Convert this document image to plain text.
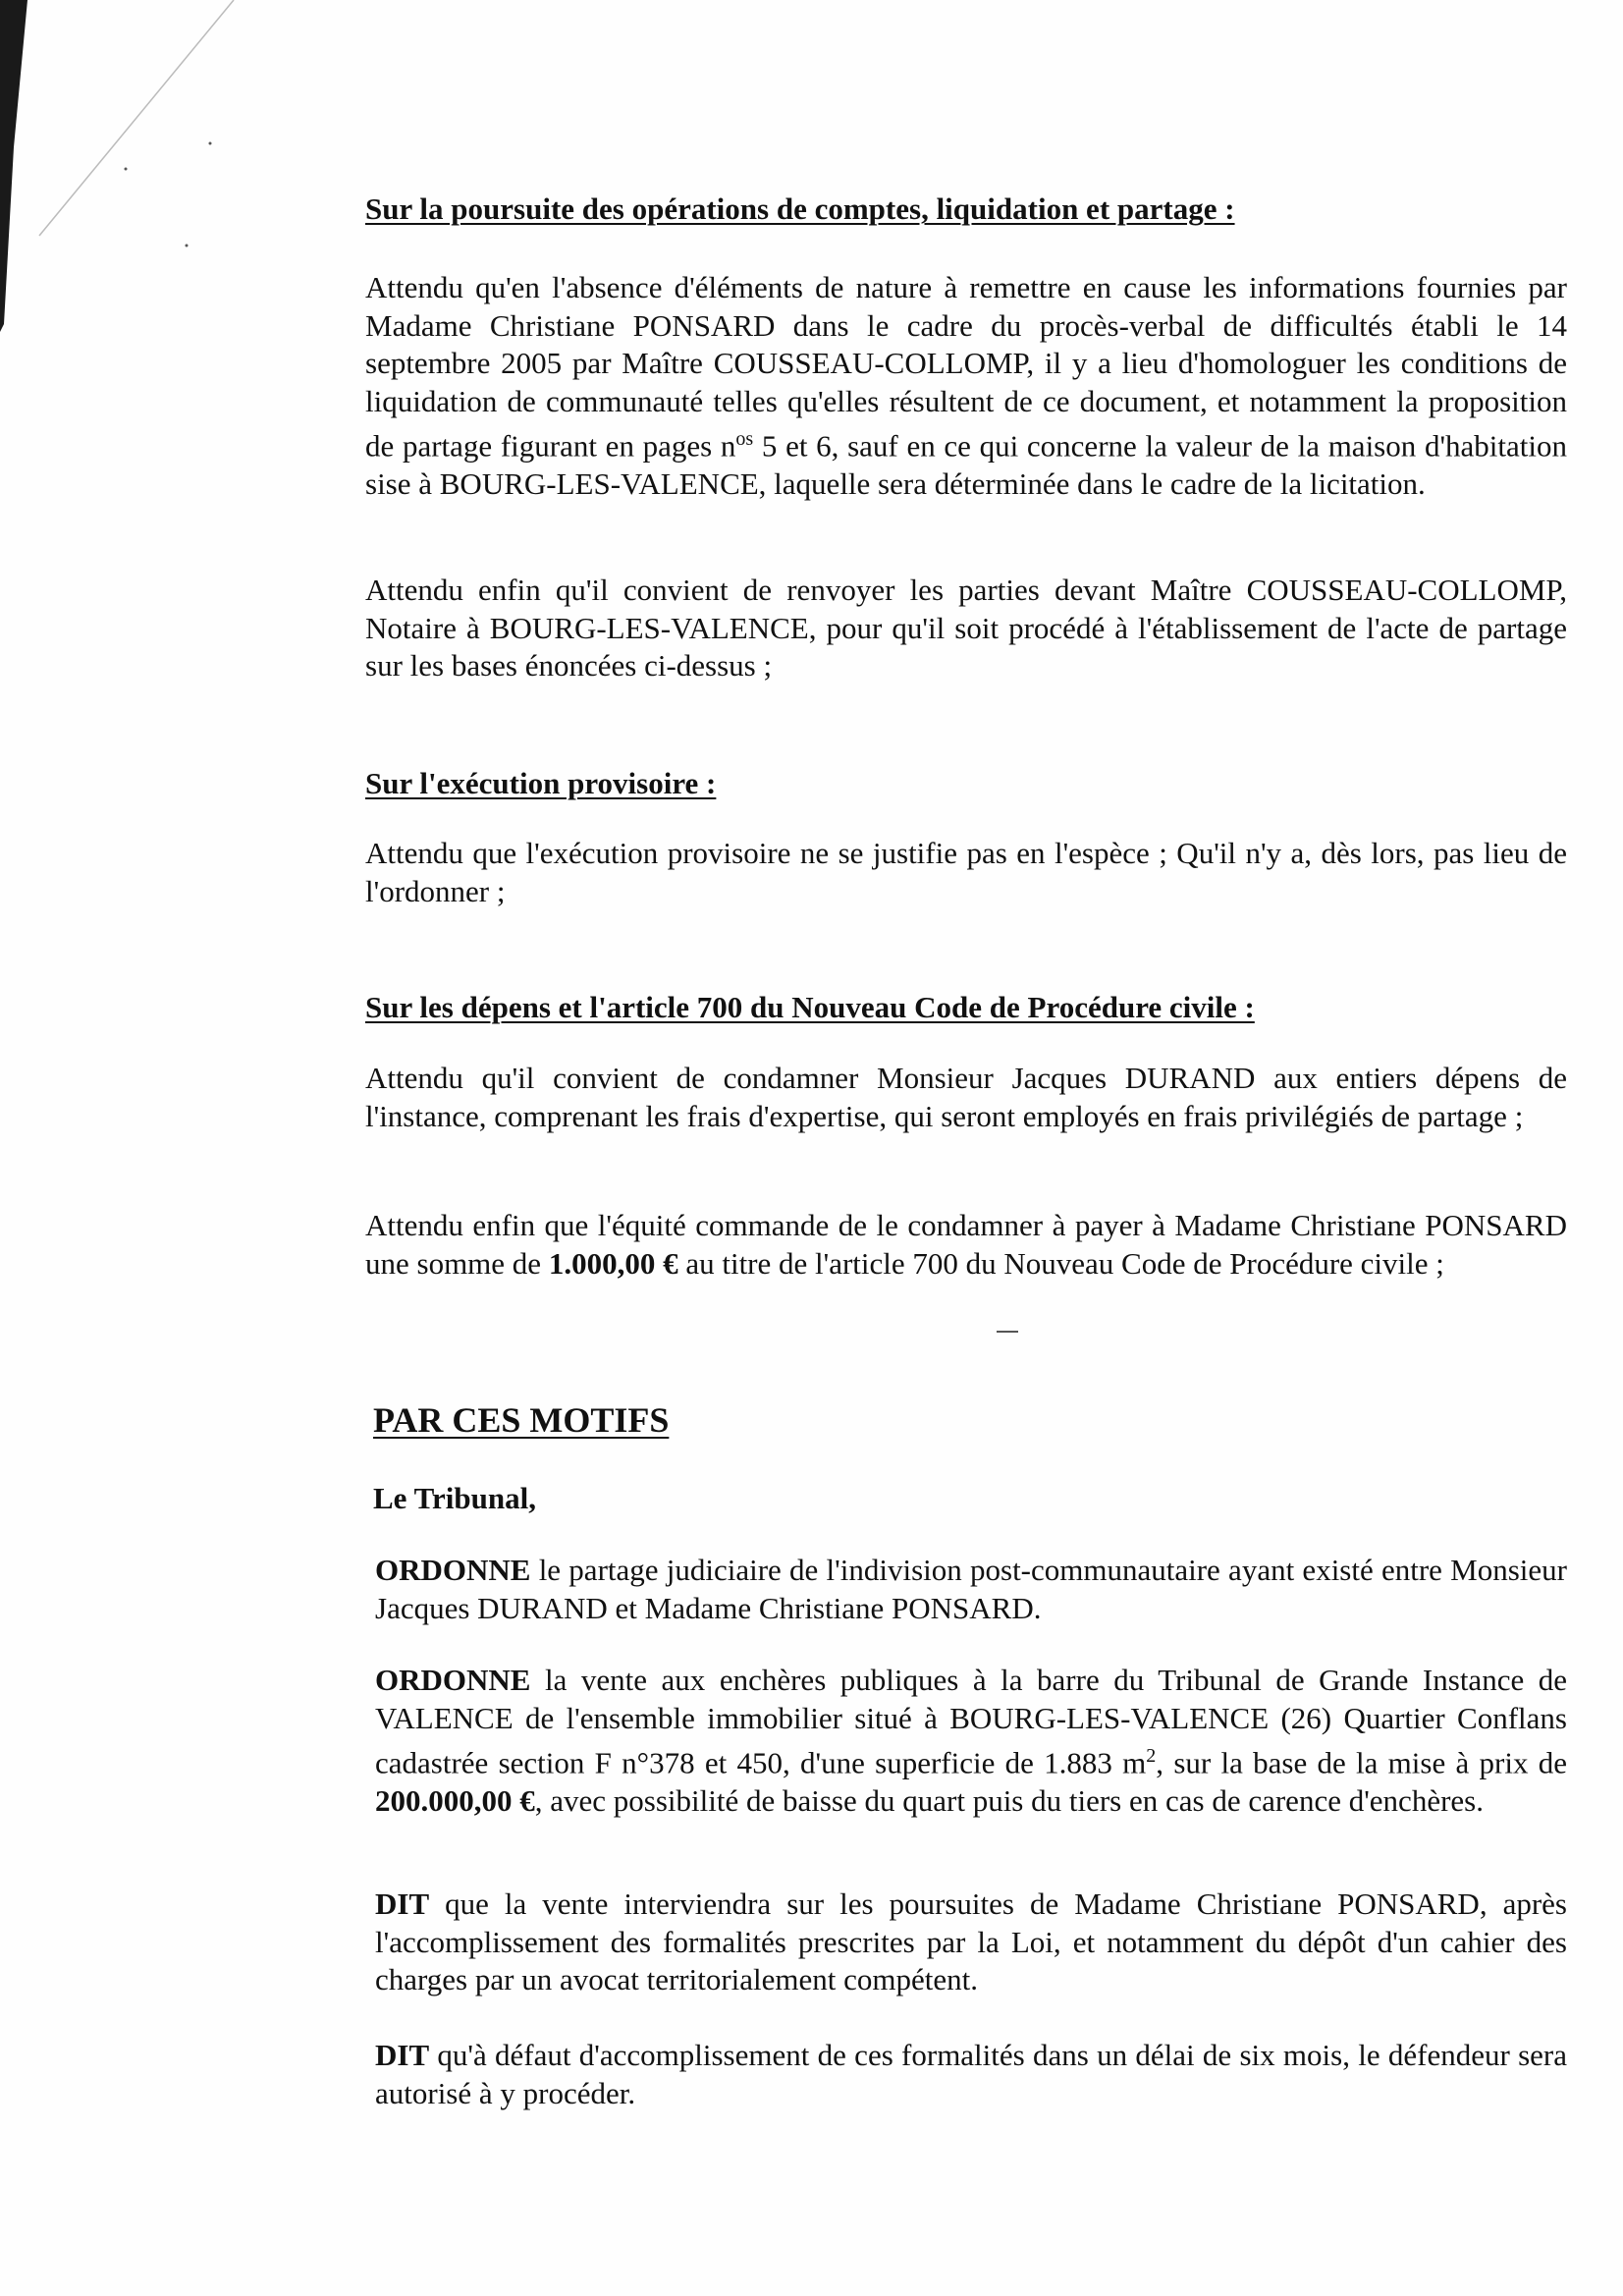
Sur la poursuite des opérations de comptes, liquidation et partage :
Attendu qu'en l'absence d'éléments de nature à remettre en cause les informations fournies par Madame Christiane PONSARD dans le cadre du procès-verbal de difficultés établi le 14 septembre 2005 par Maître COUSSEAU-COLLOMP, il y a lieu d'homologuer les conditions de liquidation de communauté telles qu'elles résultent de ce document, et notamment la proposition de partage figurant en pages $n^{os}$ 5 et 6, sauf en ce qui concerne la valeur de la maison d'habitation sise à BOURG-LES-VALENCE, laquelle sera déterminée dans le cadre de la licitation.
Attendu enfin qu'il convient de renvoyer les parties devant Maître COUSSEAU-COLLOMP, Notaire à BOURG-LES-VALENCE, pour qu'il soit procédé à l'établissement de l'acte de partage sur les bases énoncées ci-dessus ;
Sur l'exécution provisoire :
Attendu que l'exécution provisoire ne se justifie pas en l'espèce ; Qu'il n'y a, dès lors, pas lieu de l'ordonner ;
Sur les dépens et l'article 700 du Nouveau Code de Procédure civile :
Attendu qu'il convient de condamner Monsieur Jacques DURAND aux entiers dépens de l'instance, comprenant les frais d'expertise, qui seront employés en frais privilégiés de partage ;
Attendu enfin que l'équité commande de le condamner à payer à Madame Christiane PONSARD une somme de 1.000,00 € au titre de l'article 700 du Nouveau Code de Procédure civile ;
PAR CES MOTIFS
Le Tribunal,
ORDONNE le partage judiciaire de l'indivision post-communautaire ayant existé entre Monsieur Jacques DURAND et Madame Christiane PONSARD.
ORDONNE la vente aux enchères publiques à la barre du Tribunal de Grande Instance de VALENCE de l'ensemble immobilier situé à BOURG-LES-VALENCE (26) Quartier Conflans cadastrée section F n°378 et 450, d'une superficie de 1.883 $m^2$, sur la base de la mise à prix de 200.000,00 €, avec possibilité de baisse du quart puis du tiers en cas de carence d'enchères.
DIT que la vente interviendra sur les poursuites de Madame Christiane PONSARD, après l'accomplissement des formalités prescrites par la Loi, et notamment du dépôt d'un cahier des charges par un avocat territorialement compétent.
DIT qu'à défaut d'accomplissement de ces formalités dans un délai de six mois, le défendeur sera autorisé à y procéder.
